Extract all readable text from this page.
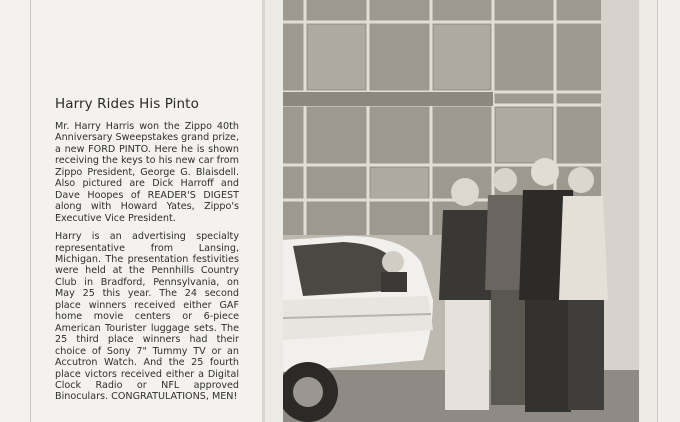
Harry Rides His Pinto

Mr. Harry Harris won the Zippo 40th Anniversary Sweepstakes grand prize, a new FORD PINTO. Here he is shown receiving the keys to his new car from Zippo President, George G. Blaisdell. Also pictured are Dick Harroff and Dave Hoopes of READER'S DIGEST along with Howard Yates, Zippo's Executive Vice President.

Harry is an advertising specialty representative from Lansing, Michigan. The presentation festivities were held at the Pennhills Country Club in Bradford, Pennsylvania, on May 25 this year. The 24 second place winners received either GAF home movie centers or 6-piece American Tourister luggage sets. The 25 third place winners had their choice of Sony 7" Tummy TV or an Accutron Watch. And the 25 fourth place victors received either a Digital Clock Radio or NFL approved Binoculars. CONGRATULATIONS, MEN!
